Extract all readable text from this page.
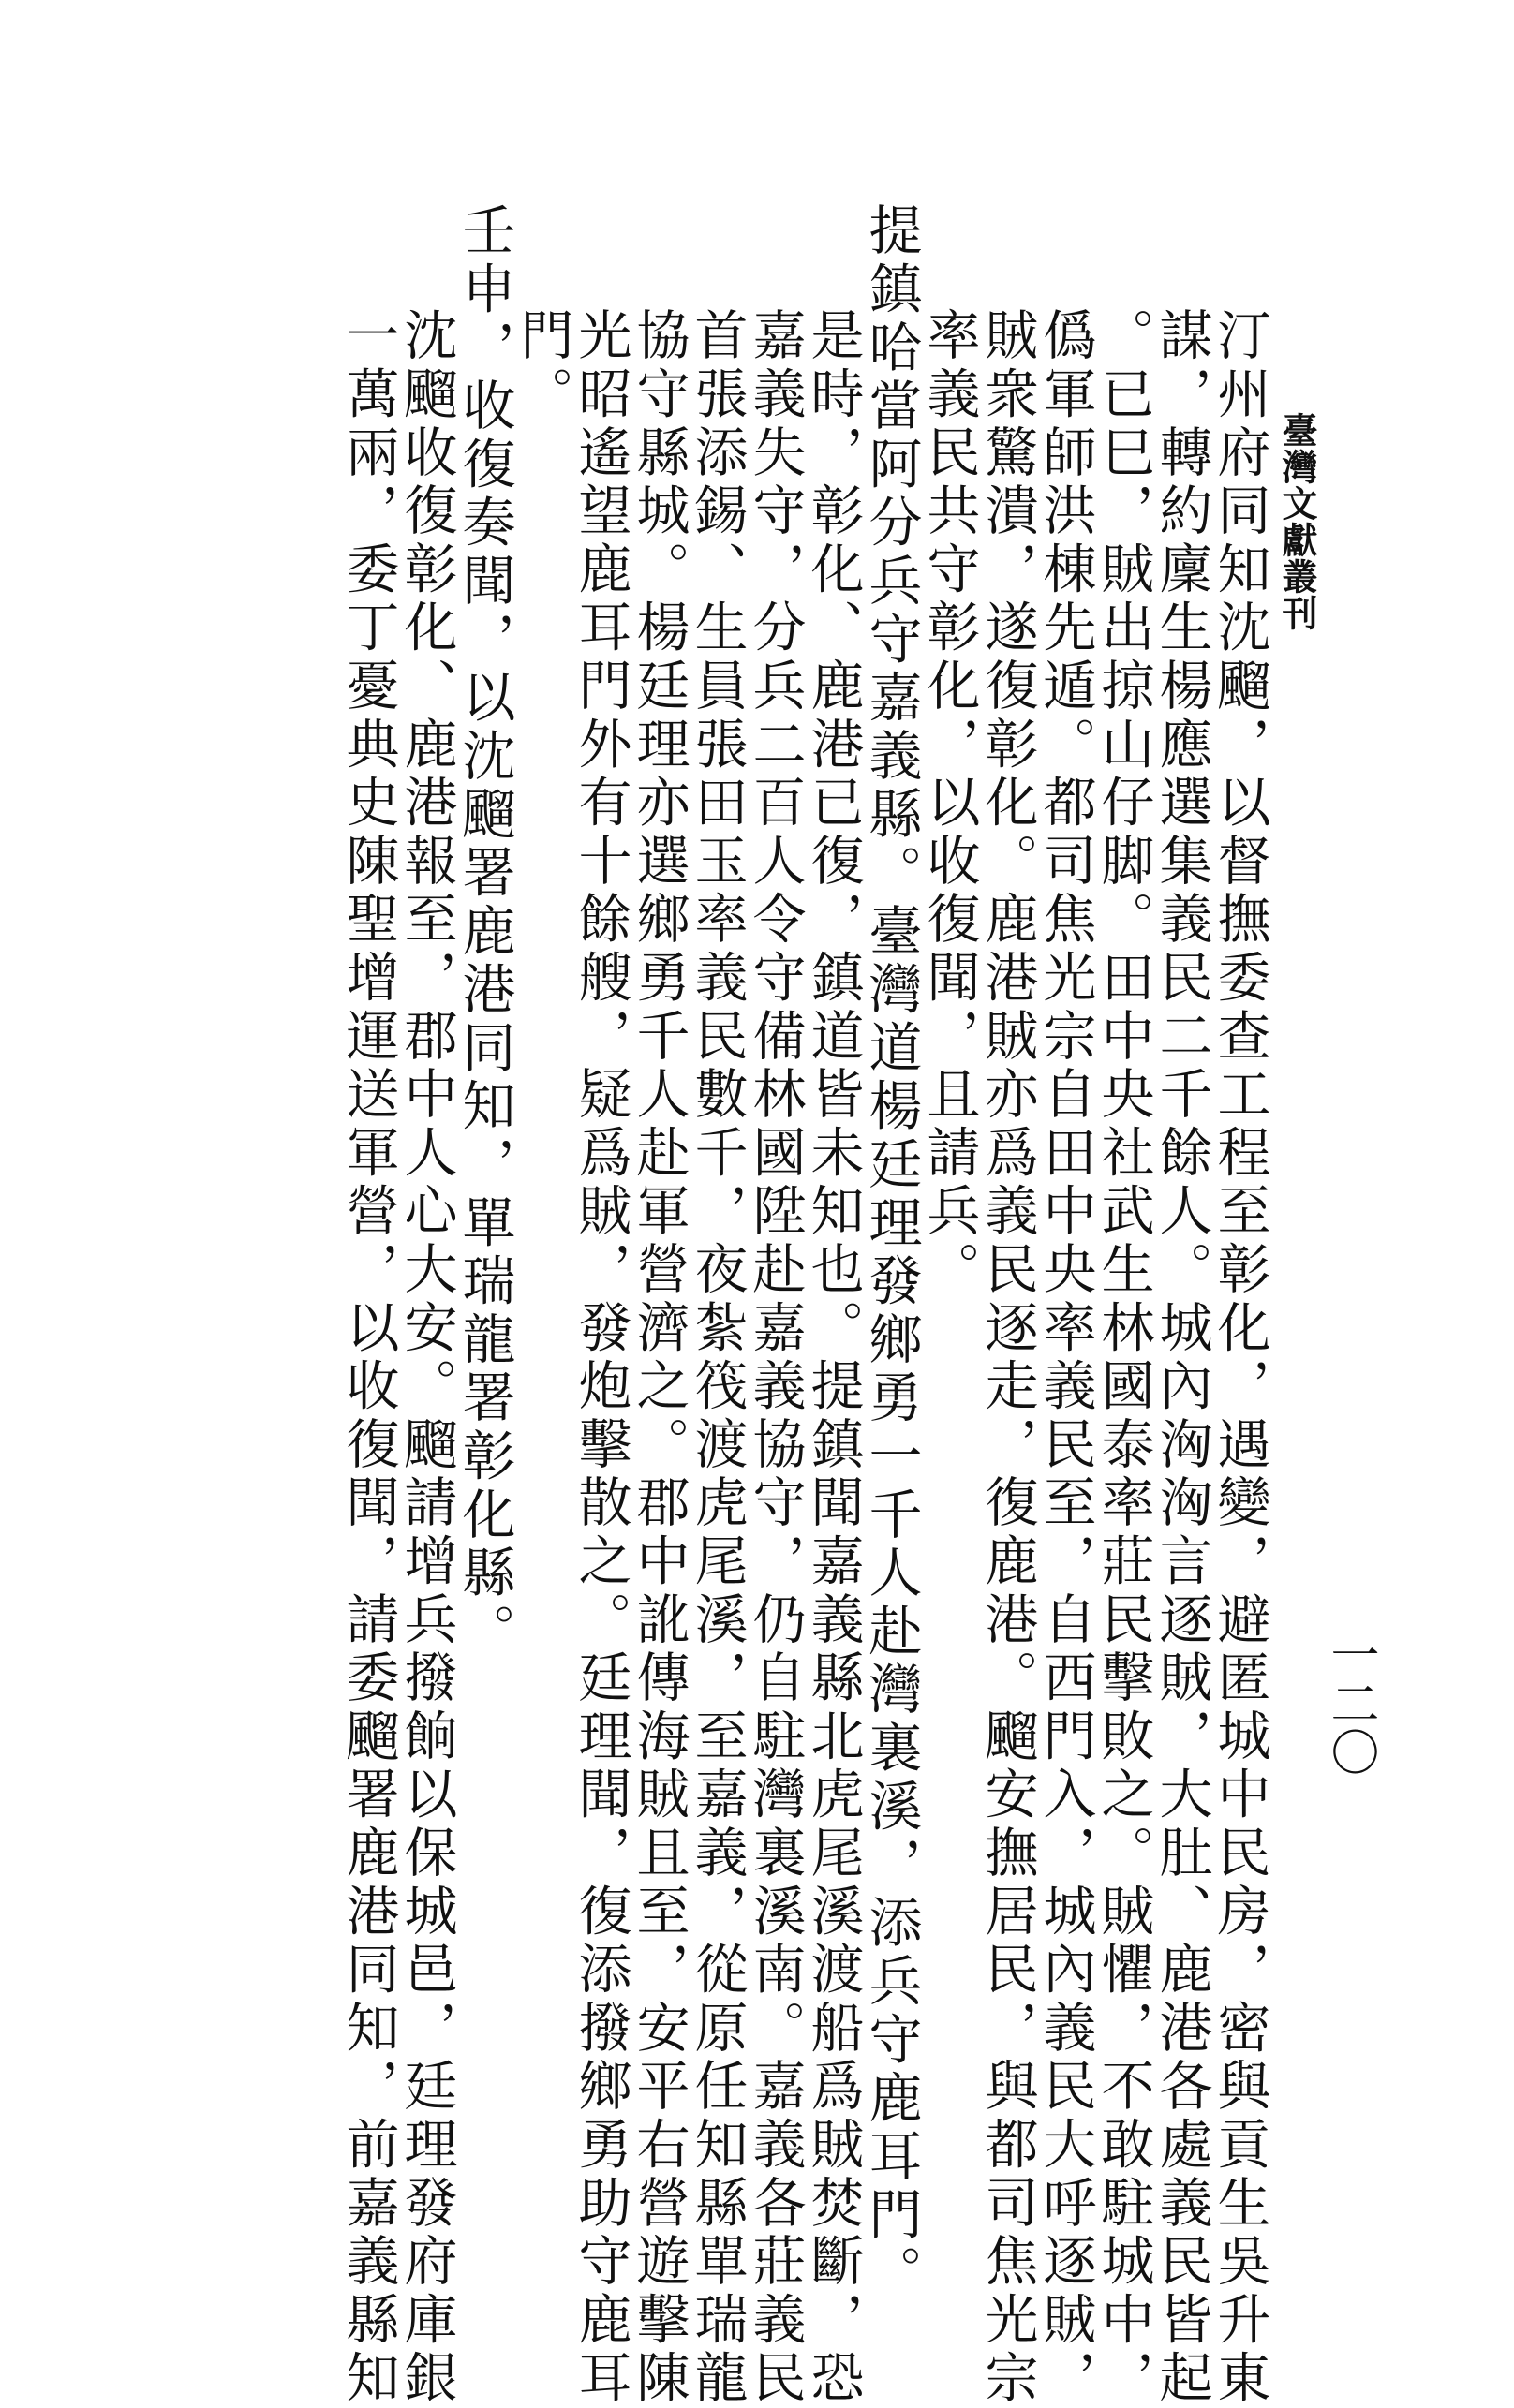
臺灣文獻叢刊
一二〇
汀州府同知沈飀，以督撫委查工程至彰化，遇變，避匿城中民房，密與貢生吳升東
謀，轉約廩生楊應選集義民二千餘人。城內洶洶言逐賊，大肚、鹿港各處義民皆起
。已巳，賊出掠山仔脚。田中央社武生林國泰率莊民擊敗之。賊懼，不敢駐城中，
僞軍師洪棟先遁。都司焦光宗自田中央率義民至，自西門入，城內義民大呼逐賊，
賊衆驚潰，遂復彰化。鹿港賊亦爲義民逐走，復鹿港。飀安撫居民，與都司焦光宗
率義民共守彰化，以收復聞，且請兵。
提鎮哈當阿分兵守嘉義縣。臺灣道楊廷理發鄉勇一千人赴灣裏溪，添兵守鹿耳門。
是時，彰化、鹿港已復，鎮道皆未知也。提鎮聞嘉義縣北虎尾溪渡船爲賊焚斷，恐
嘉義失守，分兵二百人令守備林國陞赴嘉義協守，仍自駐灣裏溪南。嘉義各莊義民
首張添錫、生員張田玉率義民數千，夜紮筏渡虎尾溪，至嘉義，從原任知縣單瑞龍
協守縣城。楊廷理亦選鄉勇千人赴軍營濟之。郡中訛傳海賊且至，安平右營遊擊陳
光昭遙望鹿耳門外有十餘艘，疑爲賊，發炮擊散之。廷理聞，復添撥鄉勇助守鹿耳
門。
壬申，收復奏聞，以沈飀署鹿港同知，單瑞龍署彰化縣。
沈飀收復彰化、鹿港報至，郡中人心大安。飀請增兵撥餉以保城邑，廷理發府庫銀
一萬兩，委丁憂典史陳聖增運送軍營，以收復聞，請委飀署鹿港同知，前嘉義縣知
